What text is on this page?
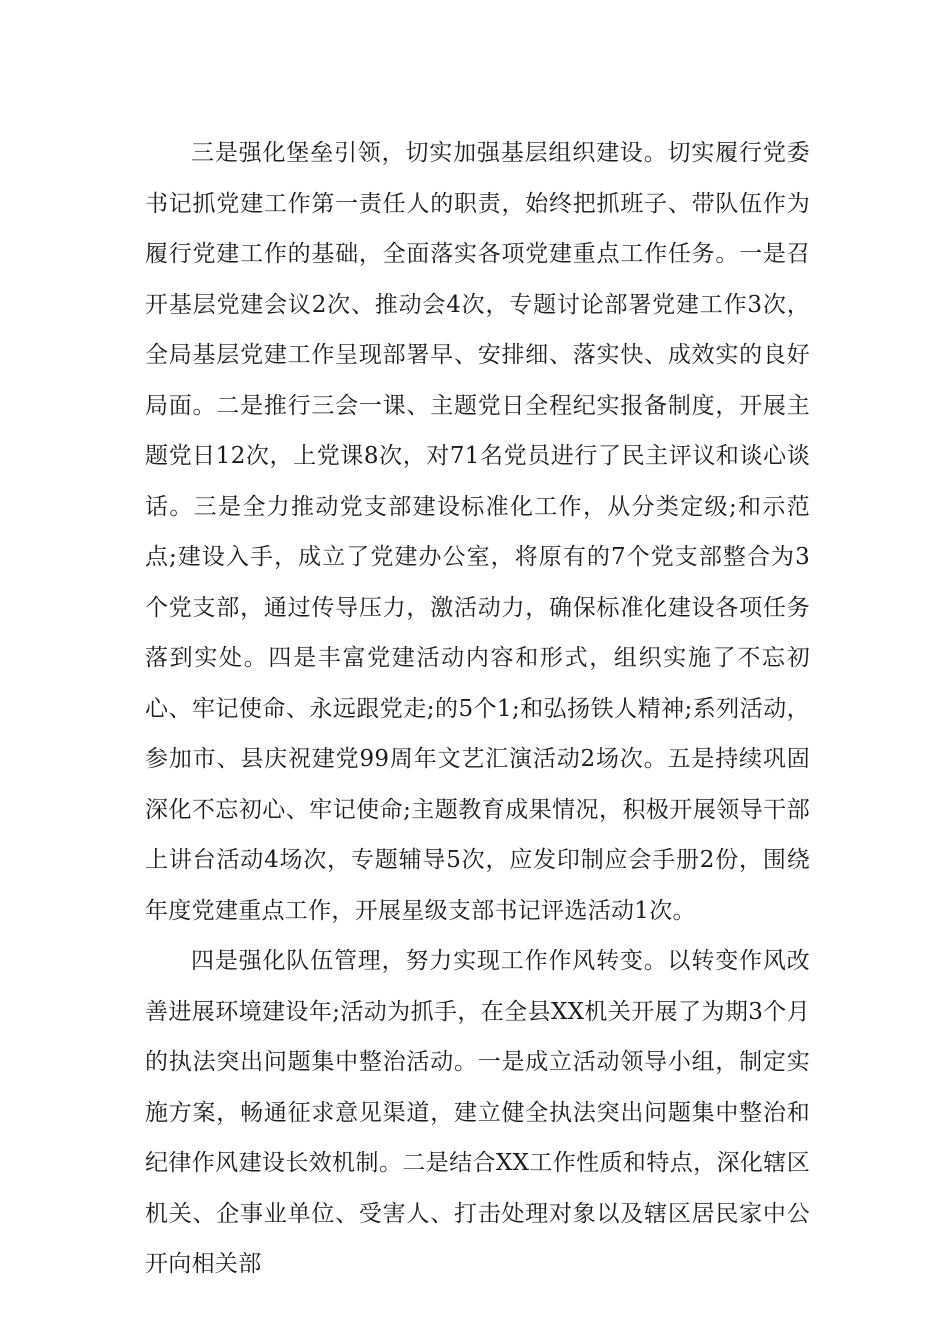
三是强化堡垒引领，切实加强基层组织建设。切实履行党委书记抓党建工作第一责任人的职责，始终把抓班子、带队伍作为履行党建工作的基础，全面落实各项党建重点工作任务。一是召开基层党建会议2次、推动会4次，专题讨论部署党建工作3次，全局基层党建工作呈现部署早、安排细、落实快、成效实的良好局面。二是推行三会一课、主题党日全程纪实报备制度，开展主题党日12次，上党课8次，对71名党员进行了民主评议和谈心谈话。三是全力推动党支部建设标准化工作，从分类定级;和示范点;建设入手，成立了党建办公室，将原有的7个党支部整合为3个党支部，通过传导压力，激活动力，确保标准化建设各项任务落到实处。四是丰富党建活动内容和形式，组织实施了不忘初心、牢记使命、永远跟党走;的5个1;和弘扬铁人精神;系列活动，参加市、县庆祝建党99周年文艺汇演活动2场次。五是持续巩固深化不忘初心、牢记使命;主题教育成果情况，积极开展领导干部上讲台活动4场次，专题辅导5次，应发印制应会手册2份，围绕年度党建重点工作，开展星级支部书记评选活动1次。

四是强化队伍管理，努力实现工作作风转变。以转变作风改善进展环境建设年;活动为抓手，在全县XX机关开展了为期3个月的执法突出问题集中整治活动。一是成立活动领导小组，制定实施方案，畅通征求意见渠道，建立健全执法突出问题集中整治和纪律作风建设长效机制。二是结合XX工作性质和特点，深化辖区机关、企事业单位、受害人、打击处理对象以及辖区居民家中公开向相关部
